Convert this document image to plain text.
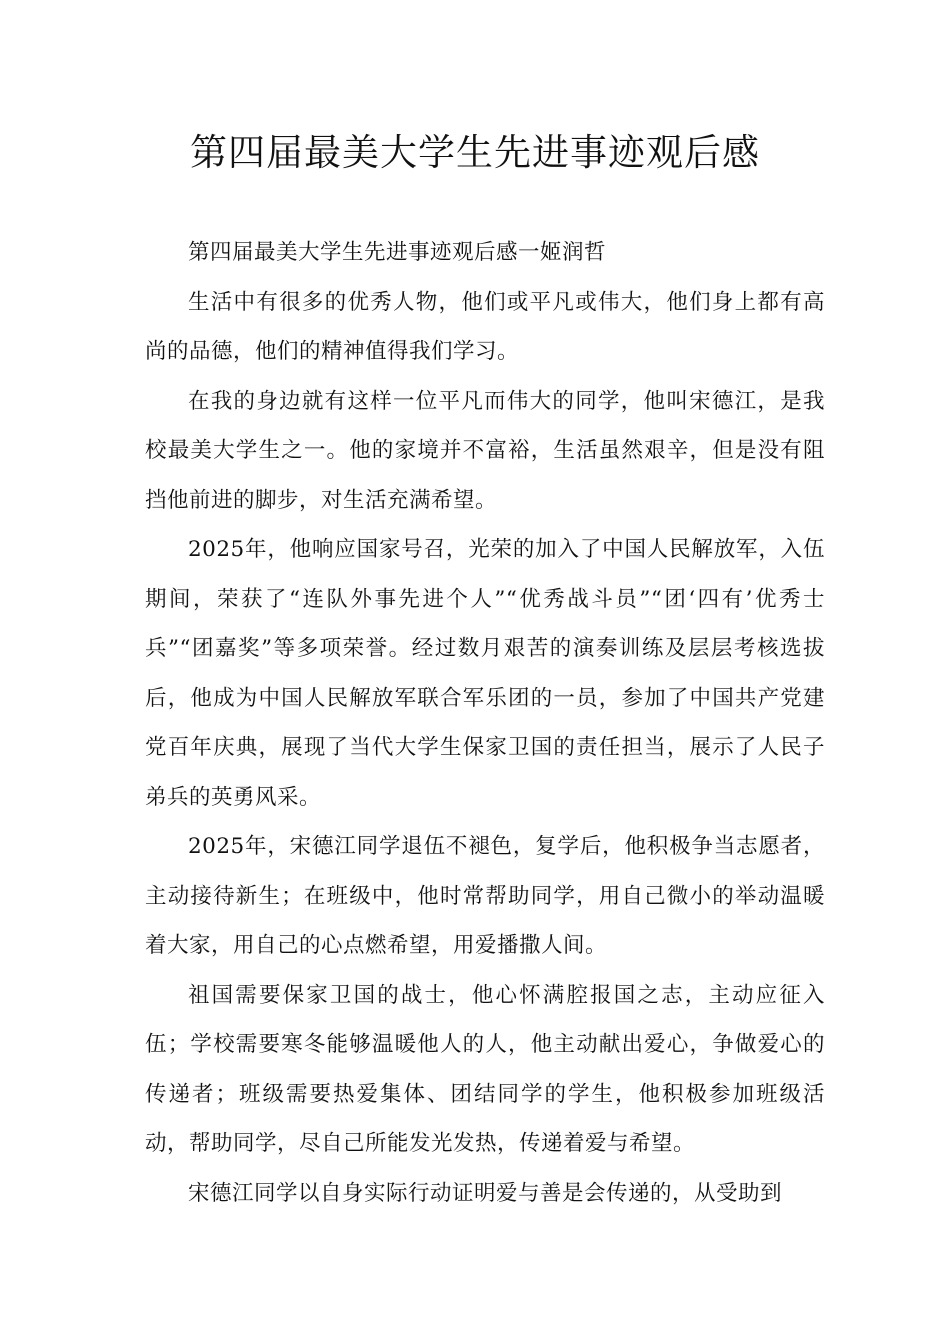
第四届最美大学生先进事迹观后感

第四届最美大学生先进事迹观后感一姬润哲

生活中有很多的优秀人物，他们或平凡或伟大，他们身上都有高尚的品德，他们的精神值得我们学习。

在我的身边就有这样一位平凡而伟大的同学，他叫宋德江，是我校最美大学生之一。他的家境并不富裕，生活虽然艰辛，但是没有阻挡他前进的脚步，对生活充满希望。

2025年，他响应国家号召，光荣的加入了中国人民解放军，入伍期间，荣获了“连队外事先进个人”“优秀战斗员”“团‘四有’优秀士兵”“团嘉奖”等多项荣誉。经过数月艰苦的演奏训练及层层考核选拔后，他成为中国人民解放军联合军乐团的一员，参加了中国共产党建党百年庆典，展现了当代大学生保家卫国的责任担当，展示了人民子弟兵的英勇风采。

2025年，宋德江同学退伍不褪色，复学后，他积极争当志愿者，主动接待新生；在班级中，他时常帮助同学，用自己微小的举动温暖着大家，用自己的心点燃希望，用爱播撒人间。

祖国需要保家卫国的战士，他心怀满腔报国之志，主动应征入伍；学校需要寒冬能够温暖他人的人，他主动献出爱心，争做爱心的传递者；班级需要热爱集体、团结同学的学生，他积极参加班级活动，帮助同学，尽自己所能发光发热，传递着爱与希望。

宋德江同学以自身实际行动证明爱与善是会传递的，从受助到
